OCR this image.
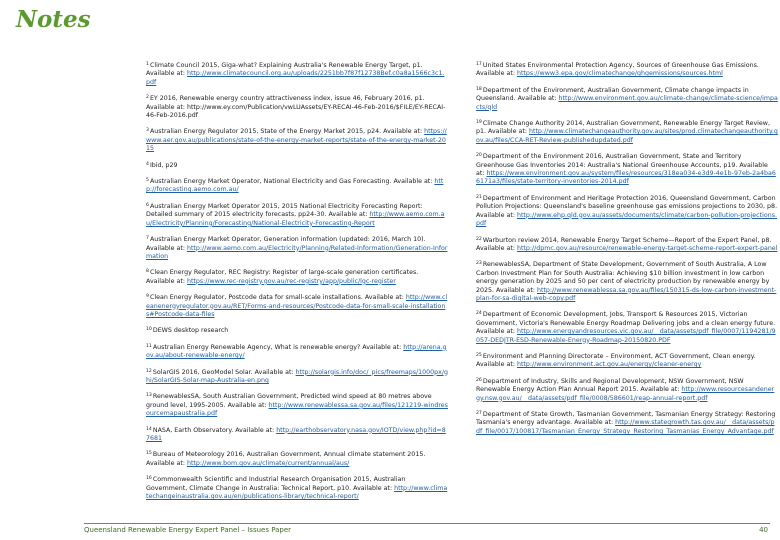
Notes
$^1$Climate Council 2015, Giga-what? Explaining Australia's Renewable Energy Target, p1. Available at: http://www.climatecouncil.org.au/uploads/2251bb7f87f12738Bef.c0a8a1566c3c1.pdf
$^2$EY 2016, Renewable energy country attractiveness index, issue 46, February 2016, p1. Available at: http://www.ey.com/Publication/vwLUAssets/EY-RECAI-46-Feb-2016/$FILE/EY-RECAI-46-Feb-2016.pdf
$^3$Australian Energy Regulator 2015, State of the Energy Market 2015, p24. Available at: https://www.aer.gov.au/publications/state-of-the-energy-market-reports/state-of-the-energy-market-2015
$^4$Ibid, p29
$^5$Australian Energy Market Operator, National Electricity and Gas Forecasting. Available at: http://forecasting.aemo.com.au/
$^6$Australian Energy Market Operator 2015, 2015 National Electricity Forecasting Report: Detailed summary of 2015 electricity forecasts, pp24-30. Available at: http://www.aemo.com.au/Electricity/Planning/Forecasting/National-Electricity-Forecasting-Report
$^7$Australian Energy Market Operator, Generation information (updated: 2016, March 10). Available at: http://www.aemo.com.au/Electricity/Planning/Related-Information/Generation-Information
$^8$Clean Energy Regulator, REC Registry: Register of large-scale generation certificates. Available at: https://www.rec-registry.gov.au/rec-registry/app/public/lgc-register
$^9$Clean Energy Regulator, Postcode data for small-scale installations. Available at: http://www.cleanenergyregulator.gov.au/RET/Forms-and-resources/Postcode-data-for-small-scale-installations#Postcode-data-files
$^{10}$DEWS desktop research
$^{11}$Australian Energy Renewable Agency, What is renewable energy? Available at: http://arena.gov.au/about-renewable-energy/
$^{12}$SolarGIS 2016, GeoModel Solar. Available at: http://solargis.info/doc/_pics/freemaps/1000px/ghi/SolarGIS-Solar-map-Australia-en.png
$^{13}$RenewablesSA, South Australian Government, Predicted wind speed at 80 metres above ground level, 1995-2005. Available at: http://www.renewablessa.sa.gov.au/files/121219-windresourcemapaustralia.pdf
$^{14}$NASA, Earth Observatory. Available at: http://earthobservatory.nasa.gov/IOTD/view.php?id=87681
$^{15}$Bureau of Meteorology 2016, Australian Government, Annual climate statement 2015. Available at: http://www.bom.gov.au/climate/current/annual/aus/
$^{16}$Commonwealth Scientific and Industrial Research Organisation 2015, Australian Government, Climate Change in Australia: Technical Report, p10. Available at: http://www.climatechangeinaustralia.gov.au/en/publications-library/technical-report/
$^{17}$United States Environmental Protection Agency, Sources of Greenhouse Gas Emissions. Available at: https://www3.epa.gov/climatechange/ghgemissions/sources.html
$^{18}$Department of the Environment, Australian Government, Climate change impacts in Queensland. Available at: http://www.environment.gov.au/climate-change/climate-science/impacts/qld
$^{19}$Climate Change Authority 2014, Australian Government, Renewable Energy Target Review, p1. Available at: http://www.climatechangeauthority.gov.au/sites/prod.climatechangeauthority.gov.au/files/CCA-RET-Review-publishedupdated.pdf
$^{20}$Department of the Environment 2016, Australian Government, State and Territory Greenhouse Gas Inventories 2014: Australia's National Greenhouse Accounts, p19. Available at: https://www.environment.gov.au/system/files/resources/318ea034-e3d9-4e1b-97eb-2a4ba66171a3/files/state-territory-inventories-2014.pdf
$^{21}$Department of Environment and Heritage Protection 2016, Queensland Government, Carbon Pollution Projections: Queensland's baseline greenhouse gas emissions projections to 2030, p8. Available at: http://www.ehp.qld.gov.au/assets/documents/climate/carbon-pollution-projections.pdf
$^{22}$Warburton review 2014, Renewable Energy Target Scheme—Report of the Expert Panel, p8. Available at: http://dpmc.gov.au/resource/renewable-energy-target-scheme-report-expert-panel
$^{23}$RenewablesSA, Department of State Development, Government of South Australia, A Low Carbon Investment Plan for South Australia: Achieving $10 billion investment in low carbon energy generation by 2025 and 50 per cent of electricity production by renewable energy by 2025. Available at: http://www.renewablessa.sa.gov.au/files/150315-ds-low-carbon-investment-plan-for-sa-digital-web-copy.pdf
$^{24}$Department of Economic Development, Jobs, Transport & Resources 2015, Victorian Government, Victoria's Renewable Energy Roadmap Delivering jobs and a clean energy future. Available at: http://www.energyandresources.vic.gov.au/__data/assets/pdf_file/0007/1194281/9057-DEDJTR-ESD-Renewable-Energy-Roadmap-20150820.PDF
$^{25}$Environment and Planning Directorate – Environment, ACT Government, Clean energy. Available at: http://www.environment.act.gov.au/energy/cleaner-energy
$^{26}$Department of Industry, Skills and Regional Development, NSW Government, NSW Renewable Energy Action Plan Annual Report 2015. Available at: http://www.resourcesandenergy.nsw.gov.au/__data/assets/pdf_file/0008/586601/reap-annual-report.pdf
$^{27}$Department of State Growth, Tasmanian Government, Tasmanian Energy Strategy: Restoring Tasmania's energy advantage. Available at: http://www.stategrowth.tas.gov.au/__data/assets/pdf_file/0017/100817/Tasmanian_Energy_Strategy_Restoring_Tasmanias_Energy_Advantage.pdf
Queensland Renewable Energy Expert Panel – Issues Paper	40
